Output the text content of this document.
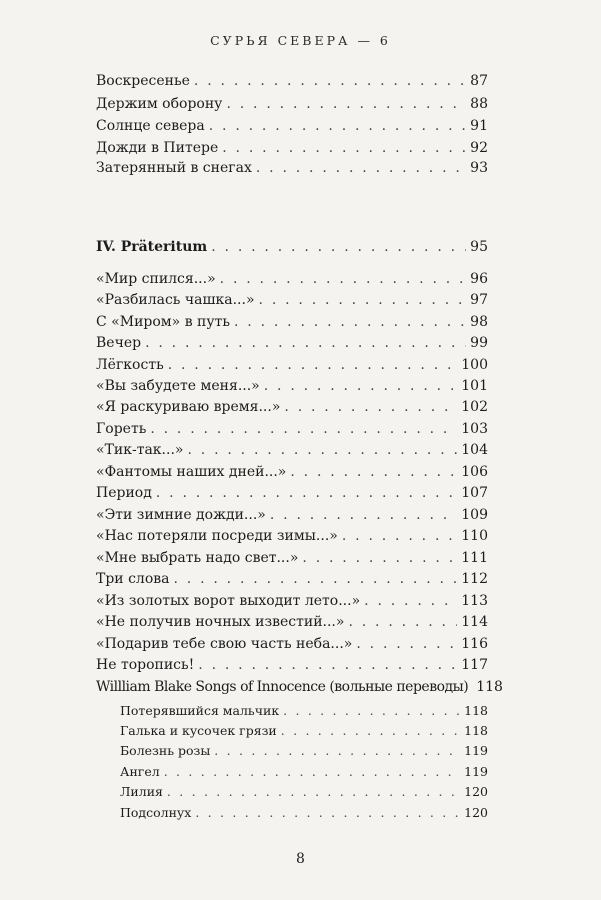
СУРЬЯ СЕВЕРА — 6
Воскресенье . . .	87
Держим оборону . . .	88
Солнце севера . . .	91
Дожди в Питере . . .	92
Затерянный в снегах . . .	93
IV. Präteritum . . .	95
«Мир спился...» . . .	96
«Разбилась чашка...» . . .	97
С «Миром» в путь . . .	98
Вечер . . .	99
Лёгкость . . .	100
«Вы забудете меня...» . . .	101
«Я раскуриваю время...» . . .	102
Гореть . . .	103
«Тик-так...» . . .	104
«Фантомы наших дней...» . . .	106
Период . . .	107
«Эти зимние дожди...» . . .	109
«Нас потеряли посреди зимы...» . . .	110
«Мне выбрать надо свет...» . . .	111
Три слова . . .	112
«Из золотых ворот выходит лето...» . . .	113
«Не получив ночных известий...» . . .	114
«Подарив тебе свою часть неба...» . . .	116
Не торопись! . . .	117
Willliam Blake Songs of Innocence (вольные переводы) 118
Потерявшийся мальчик . . .	118
Галька и кусочек грязи . . .	118
Болезнь розы . . .	119
Ангел . . .	119
Лилия . . .	120
Подсолнух . . .	120
8
